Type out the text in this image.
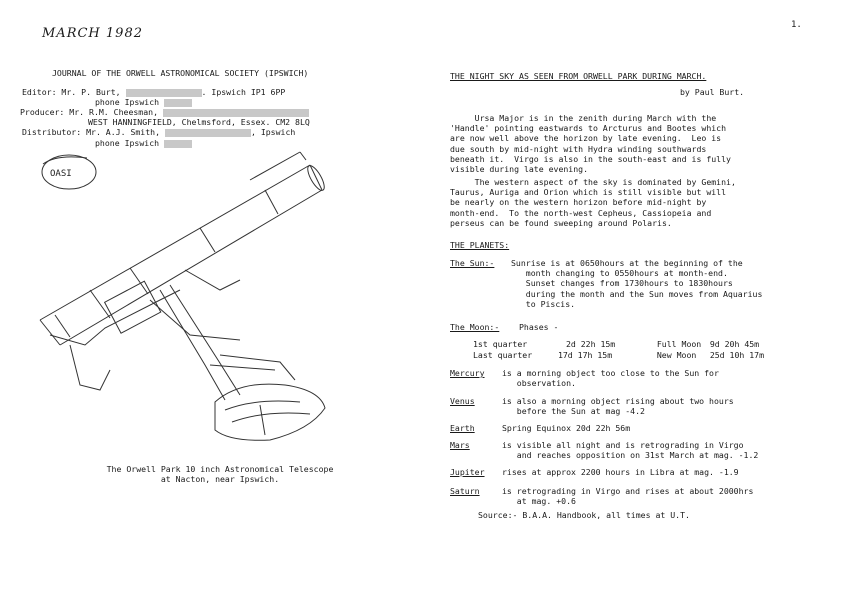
MARCH 1982
JOURNAL OF THE ORWELL ASTRONOMICAL SOCIETY (IPSWICH)
Editor: Mr. P. Burt,	. Ipswich IP1 6PP
phone Ipswich
Producer: Mr. R.M. Cheesman,
WEST HANNINGFIELD, Chelmsford, Essex. CM2 8LQ
Distributor: Mr. A.J. Smith,	, Ipswich
phone Ipswich
OASI
The Orwell Park 10 inch Astronomical Telescope
at Nacton, near Ipswich.
1.
THE NIGHT SKY AS SEEN FROM ORWELL PARK DURING MARCH.
by Paul Burt.
Ursa Major is in the zenith during March with the
'Handle' pointing eastwards to Arcturus and Bootes which
are now well above the horizon by late evening.  Leo is
due south by mid-night with Hydra winding southwards
beneath it.  Virgo is also in the south-east and is fully
visible during late evening.
The western aspect of the sky is dominated by Gemini,
Taurus, Auriga and Orion which is still visible but will
be nearly on the western horizon before mid-night by
month-end.  To the north-west Cepheus, Cassiopeia and
perseus can be found sweeping around Polaris.
THE PLANETS:
The Sun:- Sunrise is at 0650hours at the beginning of the
month changing to 0550hours at month-end.
Sunset changes from 1730hours to 1830hours
during the month and the Sun moves from Aquarius
to Piscis.
The Moon:- Phases -
1st quarter	2d 22h 15m	Full Moon 9d 20h 45m
Last quarter	17d 17h 15m	New Moon 25d 10h 17m
Mercury is a morning object too close to the Sun for
observation.
Venus	is also a morning object rising about two hours
before the Sun at mag -4.2
Earth	Spring Equinox 20d 22h 56m
Mars	is visible all night and is retrograding in Virgo
and reaches opposition on 31st March at mag. -1.2
Jupiter rises at approx 2200 hours in Libra at mag. -1.9
Saturn	is retrograding in Virgo and rises at about 2000hrs
at mag. +0.6
Source:- B.A.A. Handbook, all times at U.T.
